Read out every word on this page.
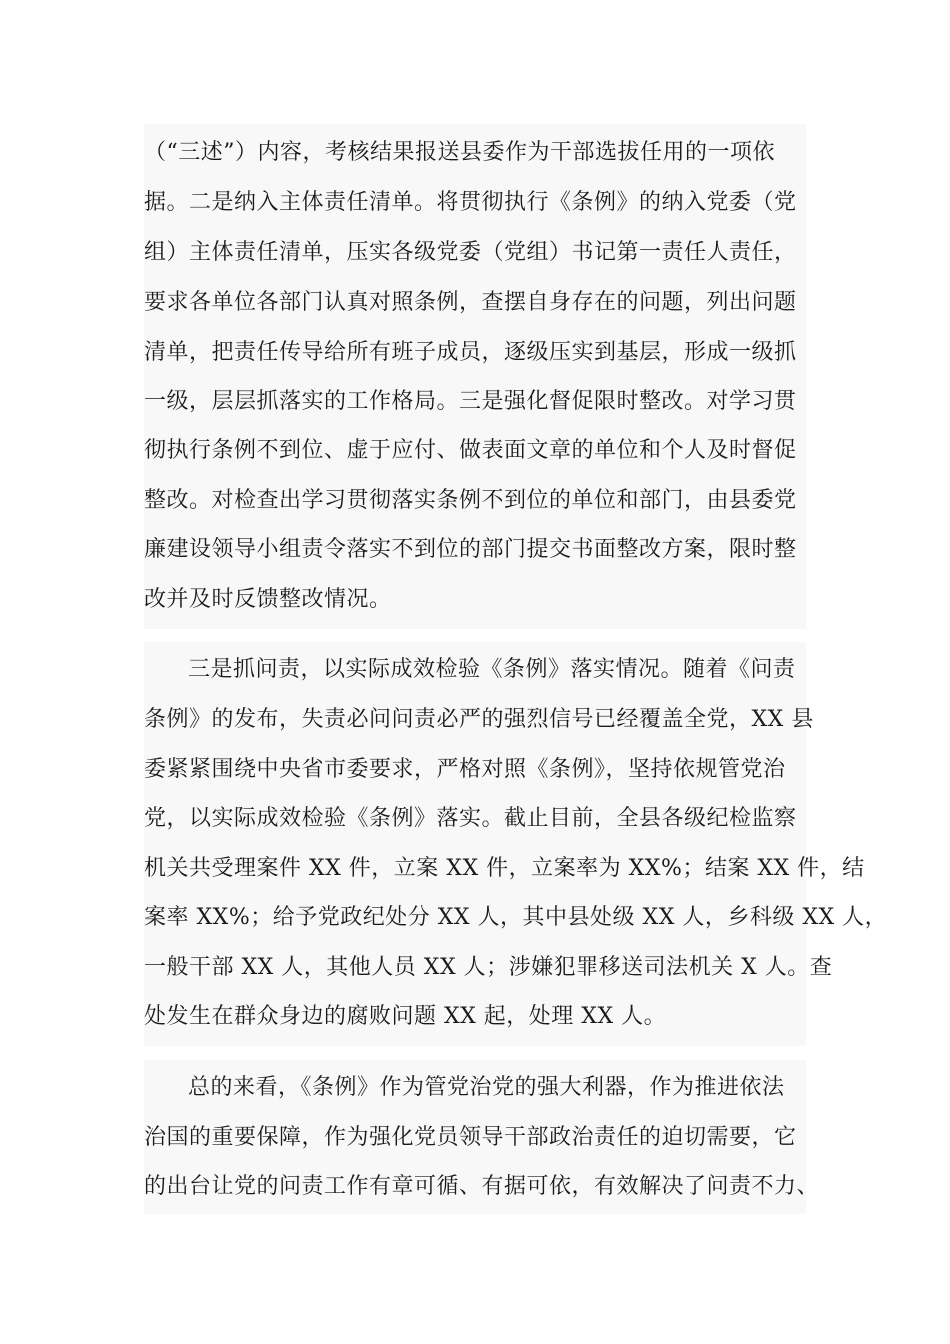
（“三述”）内容，考核结果报送县委作为干部选拔任用的一项依
据。二是纳入主体责任清单。将贯彻执行《条例》的纳入党委（党
组）主体责任清单，压实各级党委（党组）书记第一责任人责任，
要求各单位各部门认真对照条例，查摆自身存在的问题，列出问题
清单，把责任传导给所有班子成员，逐级压实到基层，形成一级抓
一级，层层抓落实的工作格局。三是强化督促限时整改。对学习贯
彻执行条例不到位、虚于应付、做表面文章的单位和个人及时督促
整改。对检查出学习贯彻落实条例不到位的单位和部门，由县委党
廉建设领导小组责令落实不到位的部门提交书面整改方案，限时整
改并及时反馈整改情况。
三是抓问责，以实际成效检验《条例》落实情况。随着《问责
条例》的发布，失责必问问责必严的强烈信号已经覆盖全党，XX 县
委紧紧围绕中央省市委要求，严格对照《条例》，坚持依规管党治
党，以实际成效检验《条例》落实。截止目前，全县各级纪检监察
机关共受理案件 XX 件，立案 XX 件，立案率为 XX%；结案 XX 件，结
案率 XX%；给予党政纪处分 XX 人，其中县处级 XX 人，乡科级 XX 人，
一般干部 XX 人，其他人员 XX 人；涉嫌犯罪移送司法机关 X 人。查
处发生在群众身边的腐败问题 XX 起，处理 XX 人。
总的来看，《条例》作为管党治党的强大利器，作为推进依法
治国的重要保障，作为强化党员领导干部政治责任的迫切需要，它
的出台让党的问责工作有章可循、有据可依，有效解决了问责不力、
